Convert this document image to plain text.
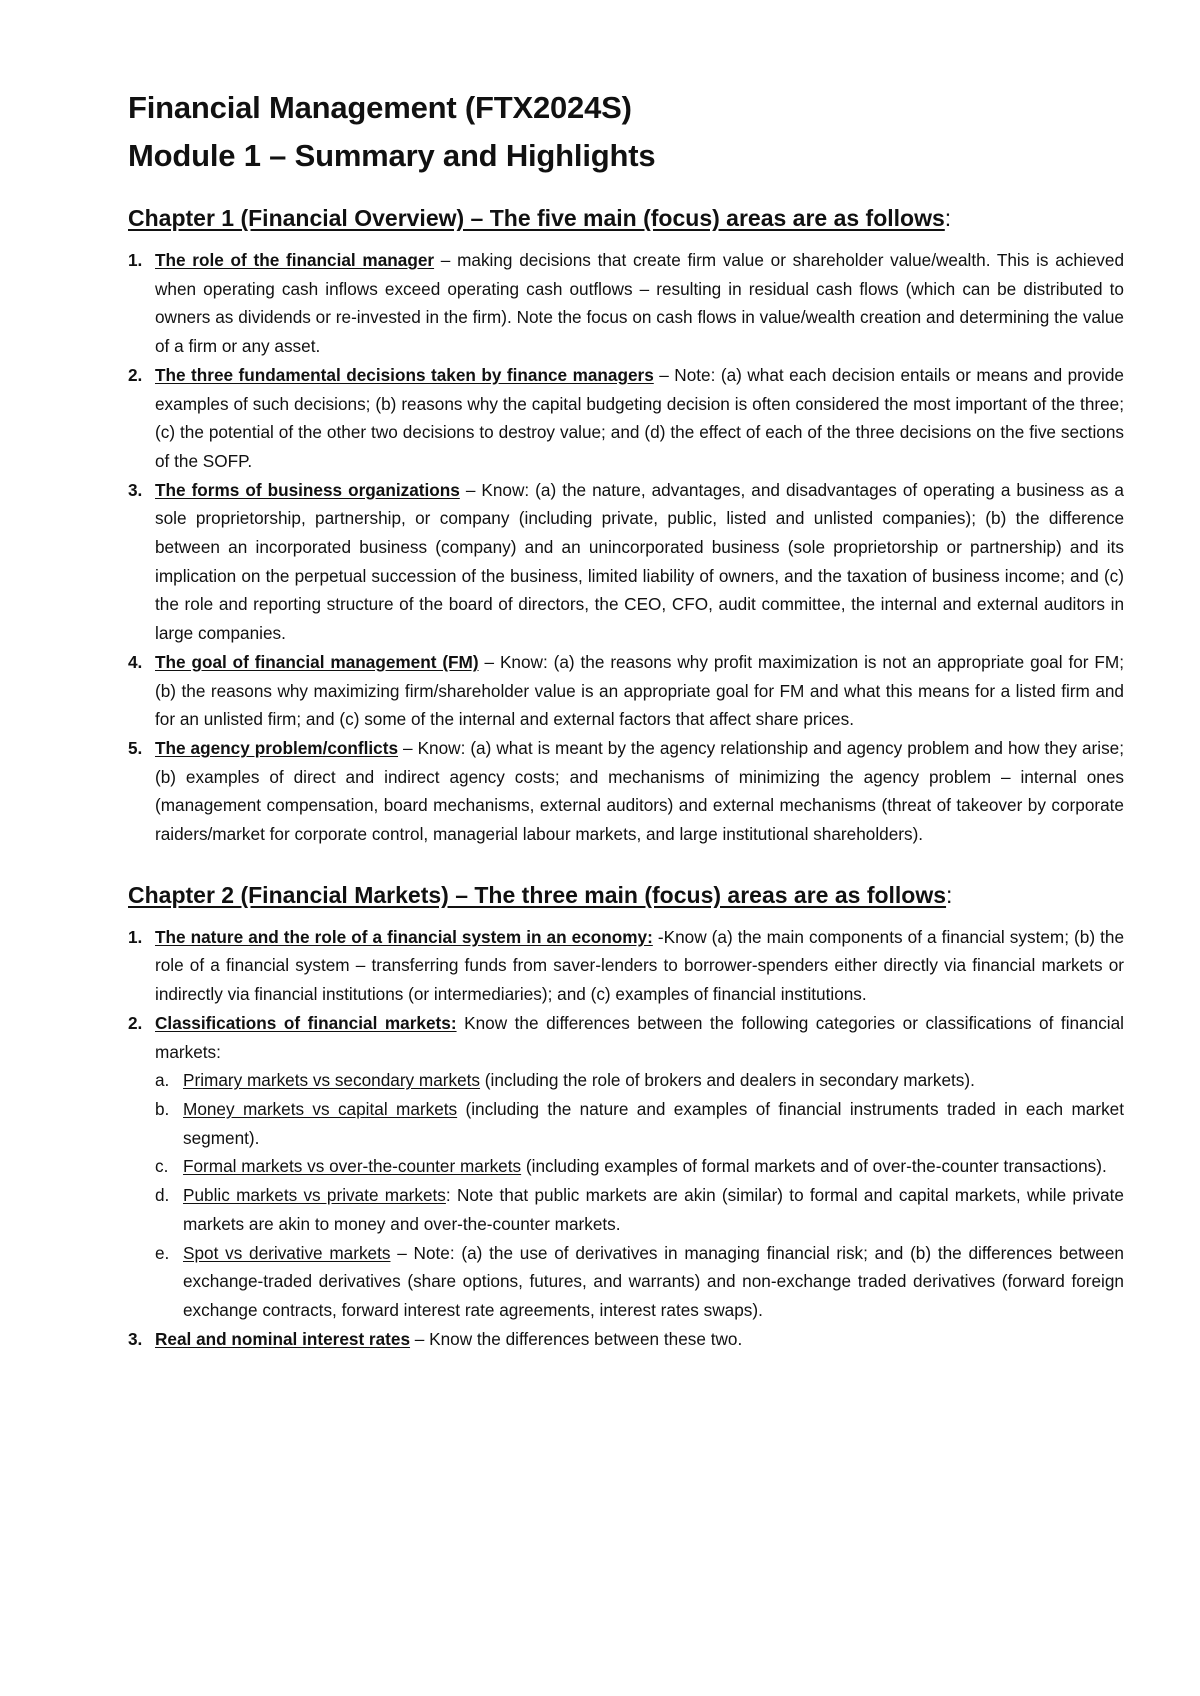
Financial Management (FTX2024S)
Module 1 – Summary and Highlights
Chapter 1 (Financial Overview) – The five main (focus) areas are as follows:
1. The role of the financial manager – making decisions that create firm value or shareholder value/wealth. This is achieved when operating cash inflows exceed operating cash outflows – resulting in residual cash flows (which can be distributed to owners as dividends or re-invested in the firm). Note the focus on cash flows in value/wealth creation and determining the value of a firm or any asset.
2. The three fundamental decisions taken by finance managers – Note: (a) what each decision entails or means and provide examples of such decisions; (b) reasons why the capital budgeting decision is often considered the most important of the three; (c) the potential of the other two decisions to destroy value; and (d) the effect of each of the three decisions on the five sections of the SOFP.
3. The forms of business organizations – Know: (a) the nature, advantages, and disadvantages of operating a business as a sole proprietorship, partnership, or company (including private, public, listed and unlisted companies); (b) the difference between an incorporated business (company) and an unincorporated business (sole proprietorship or partnership) and its implication on the perpetual succession of the business, limited liability of owners, and the taxation of business income; and (c) the role and reporting structure of the board of directors, the CEO, CFO, audit committee, the internal and external auditors in large companies.
4. The goal of financial management (FM) – Know: (a) the reasons why profit maximization is not an appropriate goal for FM; (b) the reasons why maximizing firm/shareholder value is an appropriate goal for FM and what this means for a listed firm and for an unlisted firm; and (c) some of the internal and external factors that affect share prices.
5. The agency problem/conflicts – Know: (a) what is meant by the agency relationship and agency problem and how they arise; (b) examples of direct and indirect agency costs; and mechanisms of minimizing the agency problem – internal ones (management compensation, board mechanisms, external auditors) and external mechanisms (threat of takeover by corporate raiders/market for corporate control, managerial labour markets, and large institutional shareholders).
Chapter 2 (Financial Markets) – The three main (focus) areas are as follows:
1. The nature and the role of a financial system in an economy: -Know (a) the main components of a financial system; (b) the role of a financial system – transferring funds from saver-lenders to borrower-spenders either directly via financial markets or indirectly via financial institutions (or intermediaries); and (c) examples of financial institutions.
2. Classifications of financial markets: Know the differences between the following categories or classifications of financial markets:
a. Primary markets vs secondary markets (including the role of brokers and dealers in secondary markets).
b. Money markets vs capital markets (including the nature and examples of financial instruments traded in each market segment).
c. Formal markets vs over-the-counter markets (including examples of formal markets and of over-the-counter transactions).
d. Public markets vs private markets: Note that public markets are akin (similar) to formal and capital markets, while private markets are akin to money and over-the-counter markets.
e. Spot vs derivative markets – Note: (a) the use of derivatives in managing financial risk; and (b) the differences between exchange-traded derivatives (share options, futures, and warrants) and non-exchange traded derivatives (forward foreign exchange contracts, forward interest rate agreements, interest rates swaps).
3. Real and nominal interest rates – Know the differences between these two.
